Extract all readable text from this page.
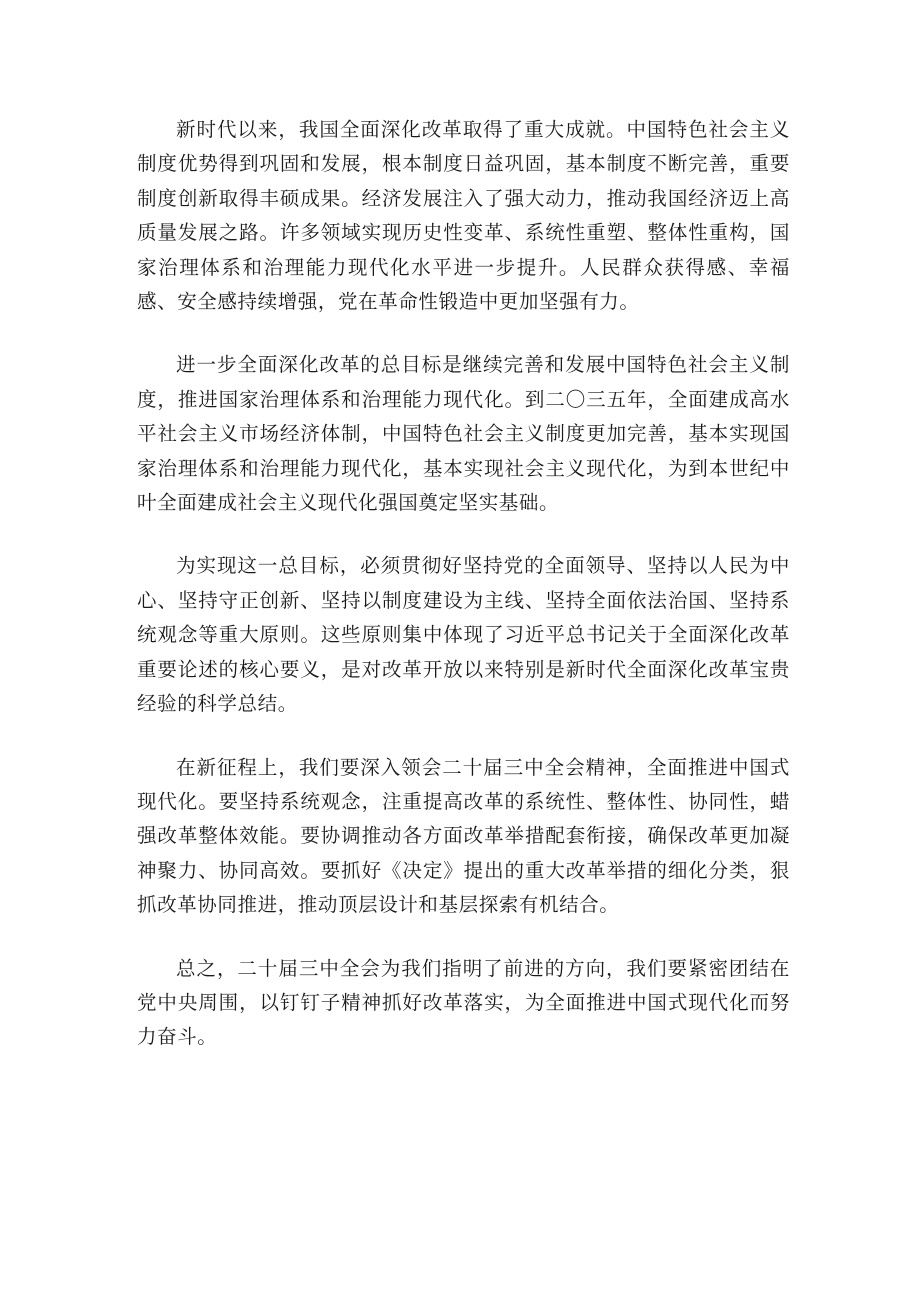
新时代以来，我国全面深化改革取得了重大成就。中国特色社会主义制度优势得到巩固和发展，根本制度日益巩固，基本制度不断完善，重要制度创新取得丰硕成果。经济发展注入了强大动力，推动我国经济迈上高质量发展之路。许多领域实现历史性变革、系统性重塑、整体性重构，国家治理体系和治理能力现代化水平进一步提升。人民群众获得感、幸福感、安全感持续增强，党在革命性锻造中更加坚强有力。

进一步全面深化改革的总目标是继续完善和发展中国特色社会主义制度，推进国家治理体系和治理能力现代化。到二〇三五年，全面建成高水平社会主义市场经济体制，中国特色社会主义制度更加完善，基本实现国家治理体系和治理能力现代化，基本实现社会主义现代化，为到本世纪中叶全面建成社会主义现代化强国奠定坚实基础。

为实现这一总目标，必须贯彻好坚持党的全面领导、坚持以人民为中心、坚持守正创新、坚持以制度建设为主线、坚持全面依法治国、坚持系统观念等重大原则。这些原则集中体现了习近平总书记关于全面深化改革重要论述的核心要义，是对改革开放以来特别是新时代全面深化改革宝贵经验的科学总结。

在新征程上，我们要深入领会二十届三中全会精神，全面推进中国式现代化。要坚持系统观念，注重提高改革的系统性、整体性、协同性，蜡强改革整体效能。要协调推动各方面改革举措配套衔接，确保改革更加凝神聚力、协同高效。要抓好《决定》提出的重大改革举措的细化分类，狠抓改革协同推进，推动顶层设计和基层探索有机结合。

总之，二十届三中全会为我们指明了前进的方向，我们要紧密团结在党中央周围，以钉钉子精神抓好改革落实，为全面推进中国式现代化而努力奋斗。
